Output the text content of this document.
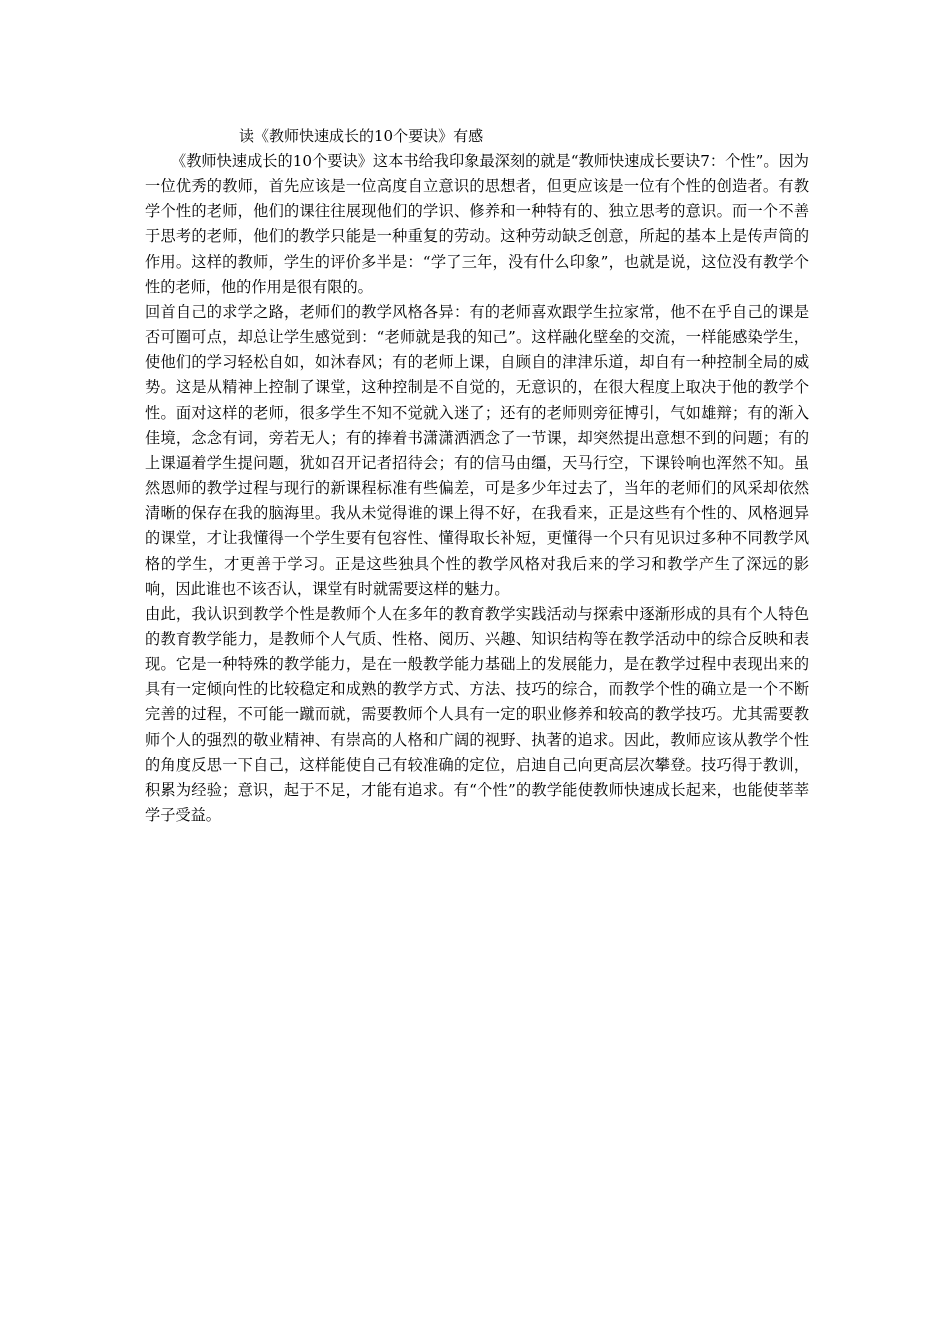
读《教师快速成长的10个要诀》有感

《教师快速成长的10个要诀》这本书给我印象最深刻的就是“教师快速成长要诀7：个性”。因为一位优秀的教师，首先应该是一位高度自立意识的思想者，但更应该是一位有个性的创造者。有教学个性的老师，他们的课往往展现他们的学识、修养和一种特有的、独立思考的意识。而一个不善于思考的老师，他们的教学只能是一种重复的劳动。这种劳动缺乏创意，所起的基本上是传声筒的作用。这样的教师，学生的评价多半是：“学了三年，没有什么印象”，也就是说，这位没有教学个性的老师，他的作用是很有限的。

回首自己的求学之路，老师们的教学风格各异：有的老师喜欢跟学生拉家常，他不在乎自己的课是否可圈可点，却总让学生感觉到：“老师就是我的知己”。这样融化壁垒的交流，一样能感染学生，使他们的学习轻松自如，如沐春风；有的老师上课，自顾自的津津乐道，却自有一种控制全局的威势。这是从精神上控制了课堂，这种控制是不自觉的，无意识的，在很大程度上取决于他的教学个性。面对这样的老师，很多学生不知不觉就入迷了；还有的老师则旁征博引，气如雄辩；有的渐入佳境，念念有词，旁若无人；有的捧着书潇潇洒洒念了一节课，却突然提出意想不到的问题；有的上课逼着学生提问题，犹如召开记者招待会；有的信马由缰，天马行空，下课铃响也浑然不知。虽然恩师的教学过程与现行的新课程标准有些偏差，可是多少年过去了，当年的老师们的风采却依然清晰的保存在我的脑海里。我从未觉得谁的课上得不好，在我看来，正是这些有个性的、风格迥异的课堂，才让我懂得一个学生要有包容性、懂得取长补短，更懂得一个只有见识过多种不同教学风格的学生，才更善于学习。正是这些独具个性的教学风格对我后来的学习和教学产生了深远的影响，因此谁也不该否认，课堂有时就需要这样的魅力。

由此，我认识到教学个性是教师个人在多年的教育教学实践活动与探索中逐渐形成的具有个人特色的教育教学能力，是教师个人气质、性格、阅历、兴趣、知识结构等在教学活动中的综合反映和表现。它是一种特殊的教学能力，是在一般教学能力基础上的发展能力，是在教学过程中表现出来的具有一定倾向性的比较稳定和成熟的教学方式、方法、技巧的综合，而教学个性的确立是一个不断完善的过程，不可能一蹴而就，需要教师个人具有一定的职业修养和较高的教学技巧。尤其需要教师个人的强烈的敬业精神、有崇高的人格和广阔的视野、执著的追求。因此，教师应该从教学个性的角度反思一下自己，这样能使自己有较准确的定位，启迪自己向更高层次攀登。技巧得于教训，积累为经验；意识，起于不足，才能有追求。有“个性”的教学能使教师快速成长起来，也能使莘莘学子受益。
